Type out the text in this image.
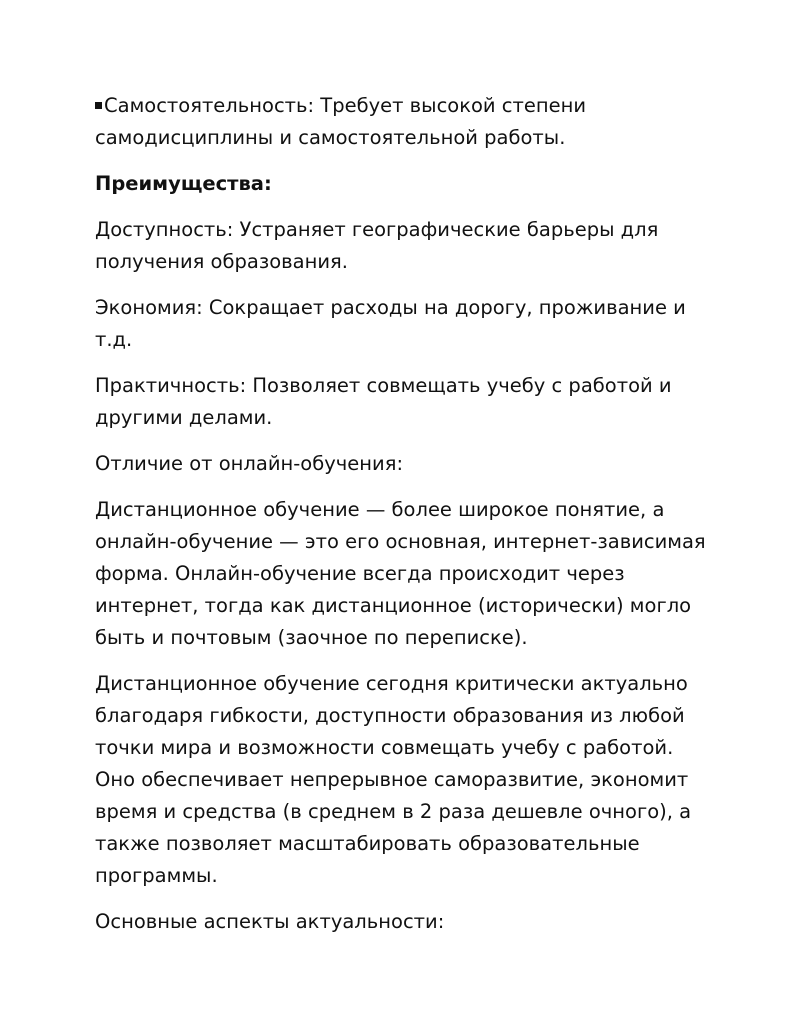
Самостоятельность: Требует высокой степени самодисциплины и самостоятельной работы.

Преимущества:

Доступность: Устраняет географические барьеры для получения образования.

Экономия: Сокращает расходы на дорогу, проживание и т.д.

Практичность: Позволяет совмещать учебу с работой и другими делами.

Отличие от онлайн-обучения:

Дистанционное обучение — более широкое понятие, а онлайн-обучение — это его основная, интернет-зависимая форма. Онлайн-обучение всегда происходит через интернет, тогда как дистанционное (исторически) могло быть и почтовым (заочное по переписке).

Дистанционное обучение сегодня критически актуально благодаря гибкости, доступности образования из любой точки мира и возможности совмещать учебу с работой. Оно обеспечивает непрерывное саморазвитие, экономит время и средства (в среднем в 2 раза дешевле очного), а также позволяет масштабировать образовательные программы.

Основные аспекты актуальности:
